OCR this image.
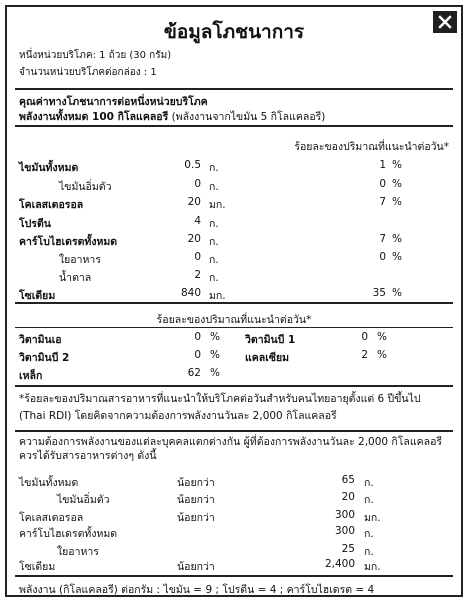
ข้อมูลโภชนาการ
หนึ่งหน่วยบริโภค: 1 ถ้วย (30 กรัม)
จำนวนหน่วยบริโภคต่อกล่อง : 1
คุณค่าทางโภชนาการต่อหนึ่งหน่วยบริโภค
พลังงานทั้งหมด 100 กิโลแคลอรี (พลังงานจากไขมัน 5 กิโลแคลอรี)
ร้อยละของปริมาณที่แนะนำต่อวัน*
ไขมันทั้งหมด	0.5 ก.	1 %
ไขมันอิ่มตัว	0 ก.	0 %
โคเลสเตอรอล	20 มก.	7 %
โปรตีน	4 ก.
คาร์โบไฮเดรตทั้งหมด	20 ก.	7 %
ใยอาหาร	0 ก.	0 %
น้ำตาล	2 ก.
โซเดียม	840 มก.	35 %
ร้อยละของปริมาณที่แนะนำต่อวัน*
วิตามินเอ	0 % วิตามินบี 1	0 %
วิตามินบี 2	0 % แคลเซียม	2 %
เหล็ก	62 %
*ร้อยละของปริมาณสารอาหารที่แนะนำให้บริโภคต่อวันสำหรับคนไทยอายุตั้งแต่ 6 ปีขึ้นไป
(Thai RDI) โดยคิดจากความต้องการพลังงานวันละ 2,000 กิโลแคลอรี
ความต้องการพลังงานของแต่ละบุคคลแตกต่างกัน ผู้ที่ต้องการพลังงานวันละ 2,000 กิโลแคลอรี
ควรได้รับสารอาหารต่างๆ ดังนี้
ไขมันทั้งหมด	น้อยกว่า	65 ก.
ไขมันอิ่มตัว	น้อยกว่า	20 ก.
โคเลสเตอรอล	น้อยกว่า	300 มก.
คาร์โบไฮเดรตทั้งหมด	300 ก.
ใยอาหาร	25 ก.
โซเดียม	น้อยกว่า	2,400 มก.
พลังงาน (กิโลแคลอรี) ต่อกรัม : ไขมัน = 9 ; โปรตีน = 4 ; คาร์โบไฮเดรต = 4
